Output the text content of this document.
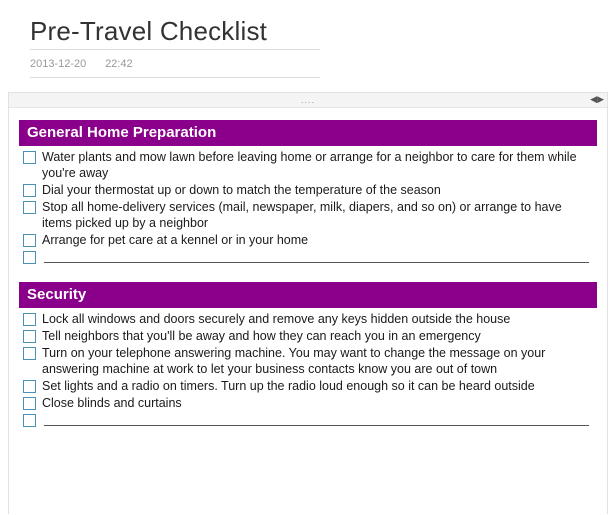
Pre-Travel Checklist
2013-12-20 22:42
....	◀▶
General Home Preparation
Water plants and mow lawn before leaving home or arrange for a neighbor to care for them while you're away
Dial your thermostat up or down to match the temperature of the season
Stop all home-delivery services (mail, newspaper, milk, diapers, and so on) or arrange to have items picked up by a neighbor
Arrange for pet care at a kennel or in your home
Security
Lock all windows and doors securely and remove any keys hidden outside the house
Tell neighbors that you'll be away and how they can reach you in an emergency
Turn on your telephone answering machine. You may want to change the message on your answering machine at work to let your business contacts know you are out of town
Set lights and a radio on timers. Turn up the radio loud enough so it can be heard outside
Close blinds and curtains
